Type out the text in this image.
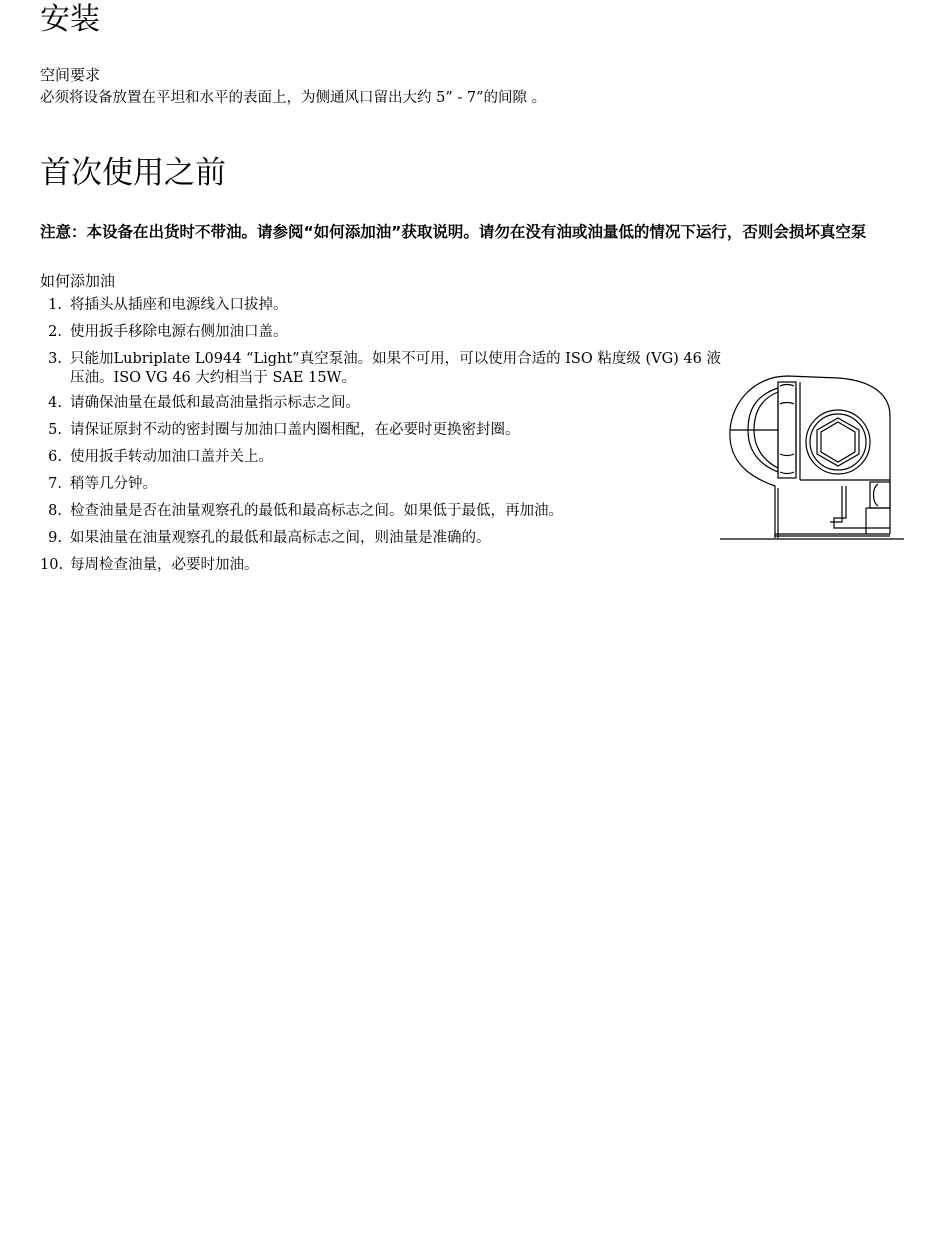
安装
空间要求

必须将设备放置在平坦和水平的表面上，为侧通风口留出大约 5” - 7”的间隙 。

首次使用之前

注意：本设备在出货时不带油。请参阅“如何添加油”获取说明。请勿在没有油或油量低的情况下运行，否则会损坏真空泵

如何添加油
1. 将插头从插座和电源线入口拔掉。
2. 使用扳手移除电源右侧加油口盖。
3. 只能加Lubriplate L0944 “Light”真空泵油。如果不可用，可以使用合适的 ISO 粘度级 (VG) 46 液压油。ISO VG 46 大约相当于 SAE 15W。
4. 请确保油量在最低和最高油量指示标志之间。
5. 请保证原封不动的密封圈与加油口盖内圈相配，在必要时更换密封圈。
6. 使用扳手转动加油口盖并关上。
7. 稍等几分钟。
8. 检查油量是否在油量观察孔的最低和最高标志之间。如果低于最低，再加油。
9. 如果油量在油量观察孔的最低和最高标志之间，则油量是准确的。
10. 每周检查油量，必要时加油。
